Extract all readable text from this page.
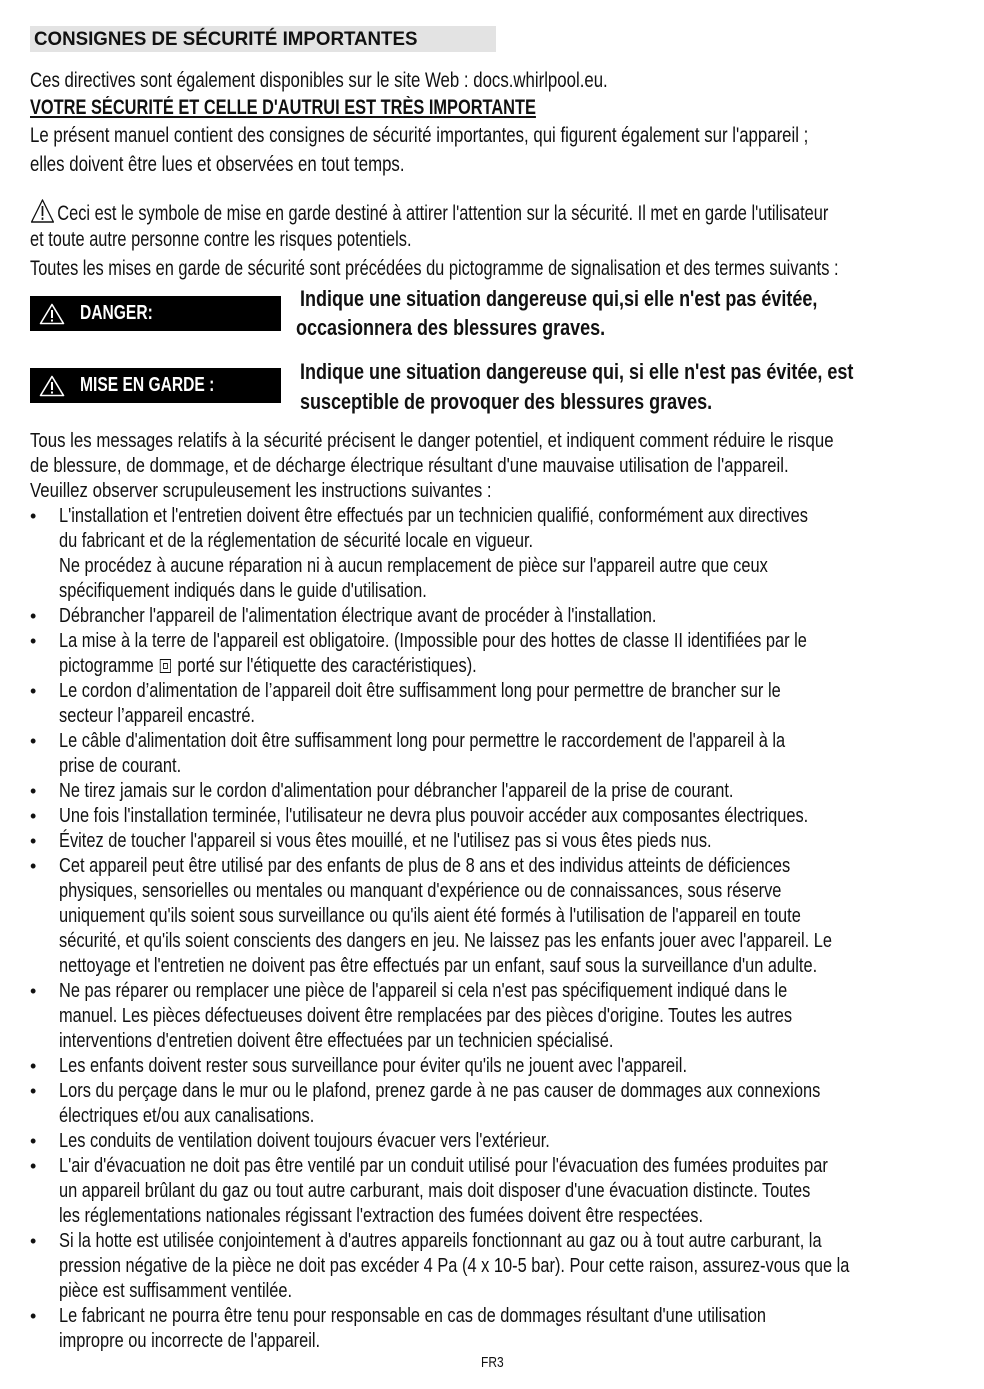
CONSIGNES DE SÉCURITÉ IMPORTANTES
Ces directives sont également disponibles sur le site Web : docs.whirlpool.eu.
VOTRE SÉCURITÉ ET CELLE D'AUTRUI EST TRÈS IMPORTANTE
Le présent manuel contient des consignes de sécurité importantes, qui figurent également sur l'appareil ;
elles doivent être lues et observées en tout temps.
Ceci est le symbole de mise en garde destiné à attirer l'attention sur la sécurité. Il met en garde l'utilisateur
et toute autre personne contre les risques potentiels.
Toutes les mises en garde de sécurité sont précédées du pictogramme de signalisation et des termes suivants :
DANGER:
Indique une situation dangereuse qui,si elle n'est pas évitée,
occasionnera des blessures graves.
MISE EN GARDE :
Indique une situation dangereuse qui, si elle n'est pas évitée, est
susceptible de provoquer des blessures graves.
Tous les messages relatifs à la sécurité précisent le danger potentiel, et indiquent comment réduire le risque
de blessure, de dommage, et de décharge électrique résultant d'une mauvaise utilisation de l'appareil.
Veuillez observer scrupuleusement les instructions suivantes :
• L'installation et l'entretien doivent être effectués par un technicien qualifié, conformément aux directives
du fabricant et de la réglementation de sécurité locale en vigueur.
Ne procédez à aucune réparation ni à aucun remplacement de pièce sur l'appareil autre que ceux
spécifiquement indiqués dans le guide d'utilisation.
• Débrancher l'appareil de l'alimentation électrique avant de procéder à l'installation.
• La mise à la terre de l'appareil est obligatoire. (Impossible pour des hottes de classe II identifiées par le
pictogramme porté sur l'étiquette des caractéristiques).
• Le cordon d’alimentation de l’appareil doit être suffisamment long pour permettre de brancher sur le
secteur l’appareil encastré.
• Le câble d'alimentation doit être suffisamment long pour permettre le raccordement de l'appareil à la
prise de courant.
• Ne tirez jamais sur le cordon d'alimentation pour débrancher l'appareil de la prise de courant.
• Une fois l'installation terminée, l'utilisateur ne devra plus pouvoir accéder aux composantes électriques.
• Évitez de toucher l'appareil si vous êtes mouillé, et ne l'utilisez pas si vous êtes pieds nus.
• Cet appareil peut être utilisé par des enfants de plus de 8 ans et des individus atteints de déficiences
physiques, sensorielles ou mentales ou manquant d'expérience ou de connaissances, sous réserve
uniquement qu'ils soient sous surveillance ou qu'ils aient été formés à l'utilisation de l'appareil en toute
sécurité, et qu'ils soient conscients des dangers en jeu. Ne laissez pas les enfants jouer avec l'appareil. Le
nettoyage et l'entretien ne doivent pas être effectués par un enfant, sauf sous la surveillance d'un adulte.
• Ne pas réparer ou remplacer une pièce de l'appareil si cela n'est pas spécifiquement indiqué dans le
manuel. Les pièces défectueuses doivent être remplacées par des pièces d'origine. Toutes les autres
interventions d'entretien doivent être effectuées par un technicien spécialisé.
• Les enfants doivent rester sous surveillance pour éviter qu'ils ne jouent avec l'appareil.
• Lors du perçage dans le mur ou le plafond, prenez garde à ne pas causer de dommages aux connexions
électriques et/ou aux canalisations.
• Les conduits de ventilation doivent toujours évacuer vers l'extérieur.
• L'air d'évacuation ne doit pas être ventilé par un conduit utilisé pour l'évacuation des fumées produites par
un appareil brûlant du gaz ou tout autre carburant, mais doit disposer d'une évacuation distincte. Toutes
les réglementations nationales régissant l'extraction des fumées doivent être respectées.
• Si la hotte est utilisée conjointement à d'autres appareils fonctionnant au gaz ou à tout autre carburant, la
pression négative de la pièce ne doit pas excéder 4 Pa (4 x 10-5 bar). Pour cette raison, assurez-vous que la
pièce est suffisamment ventilée.
• Le fabricant ne pourra être tenu pour responsable en cas de dommages résultant d'une utilisation
impropre ou incorrecte de l'appareil.
FR3
